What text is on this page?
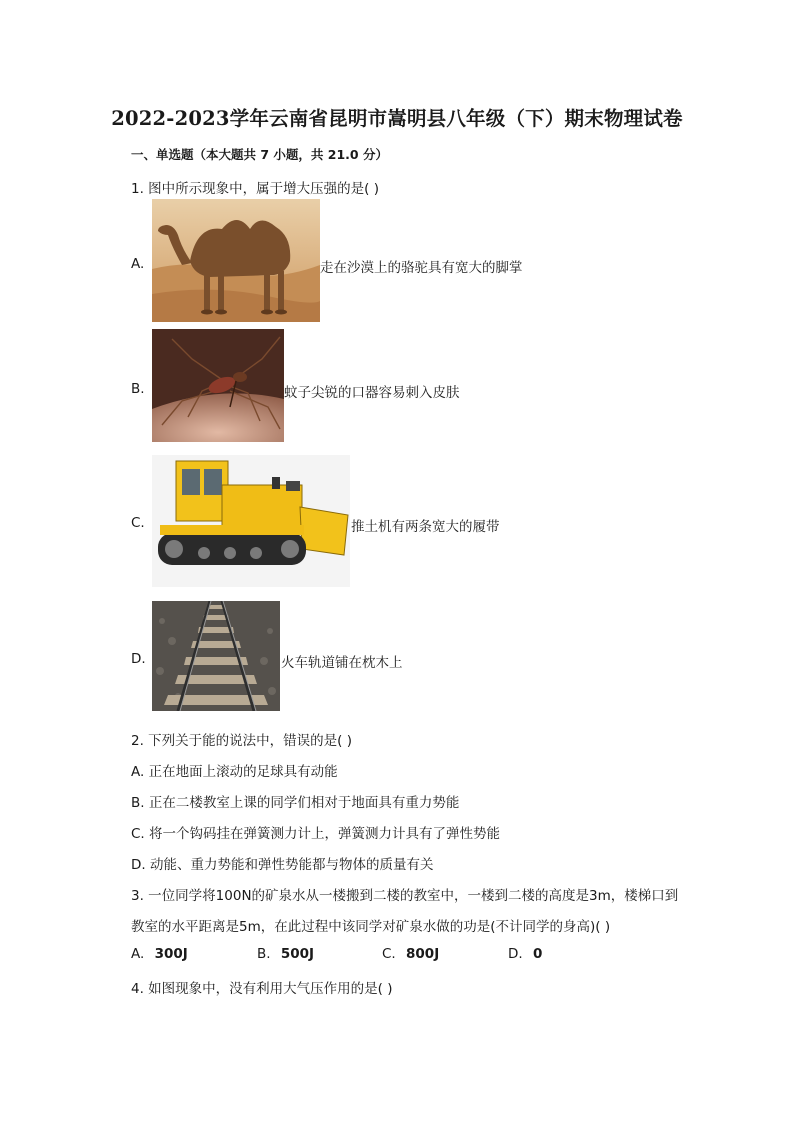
2022-2023学年云南省昆明市嵩明县八年级（下）期末物理试卷
一、单选题（本大题共 7 小题，共 21.0 分）
1. 图中所示现象中，属于增大压强的是( )
A.	走在沙漠上的骆驼具有宽大的脚掌
B.	蚊子尖锐的口器容易刺入皮肤
C.	推土机有两条宽大的履带
D.	火车轨道铺在枕木上
2. 下列关于能的说法中，错误的是( )
A. 正在地面上滚动的足球具有动能
B. 正在二楼教室上课的同学们相对于地面具有重力势能
C. 将一个钩码挂在弹簧测力计上，弹簧测力计具有了弹性势能
D. 动能、重力势能和弹性势能都与物体的质量有关
3. 一位同学将100N的矿泉水从一楼搬到二楼的教室中，一楼到二楼的高度是3m，楼梯口到
教室的水平距离是5m，在此过程中该同学对矿泉水做的功是(不计同学的身高)( )
A. 300J	B. 500J	C. 800J	D. 0
4. 如图现象中，没有利用大气压作用的是( )
